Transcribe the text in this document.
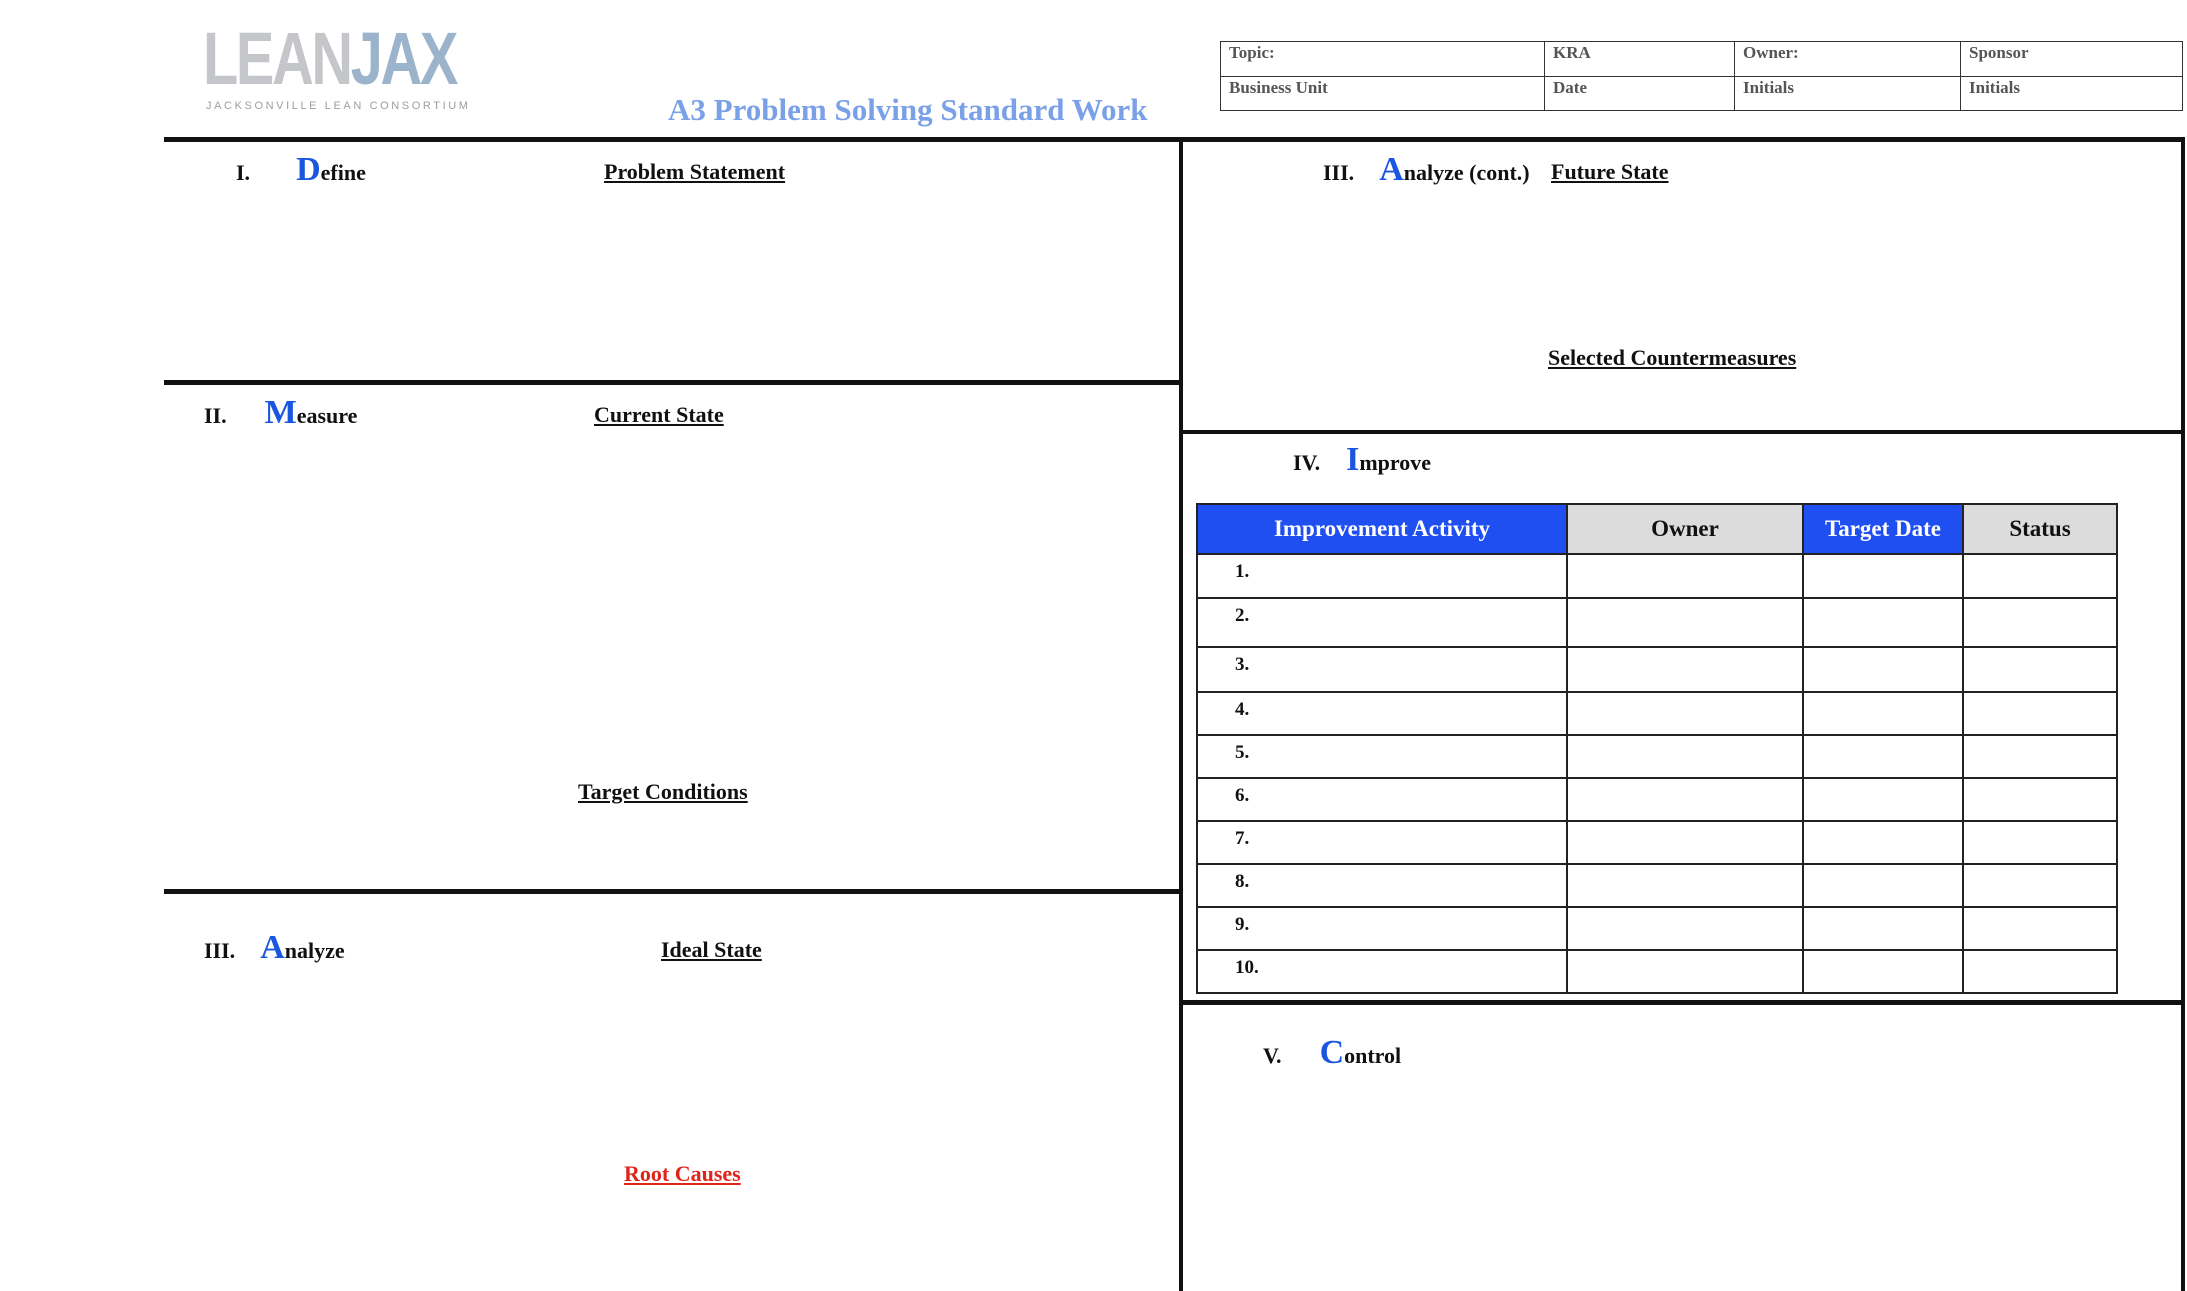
LEANJAX
JACKSONVILLE LEAN CONSORTIUM	A3 Problem Solving Standard Work
Topic:	KRA	Owner:	Sponsor
Business Unit	Date	Initials	Initials
I. Define	Problem Statement
II. Measure	Current State
Target Conditions
III. Analyze	Ideal State
Root Causes
III. Analyze (cont.) Future State
Selected Countermeasures
IV. Improve
Improvement Activity	Owner	Target Date	Status
1.			
2.			
3.			
4.			
5.			
6.			
7.			
8.			
9.			
10.			
V. Control
